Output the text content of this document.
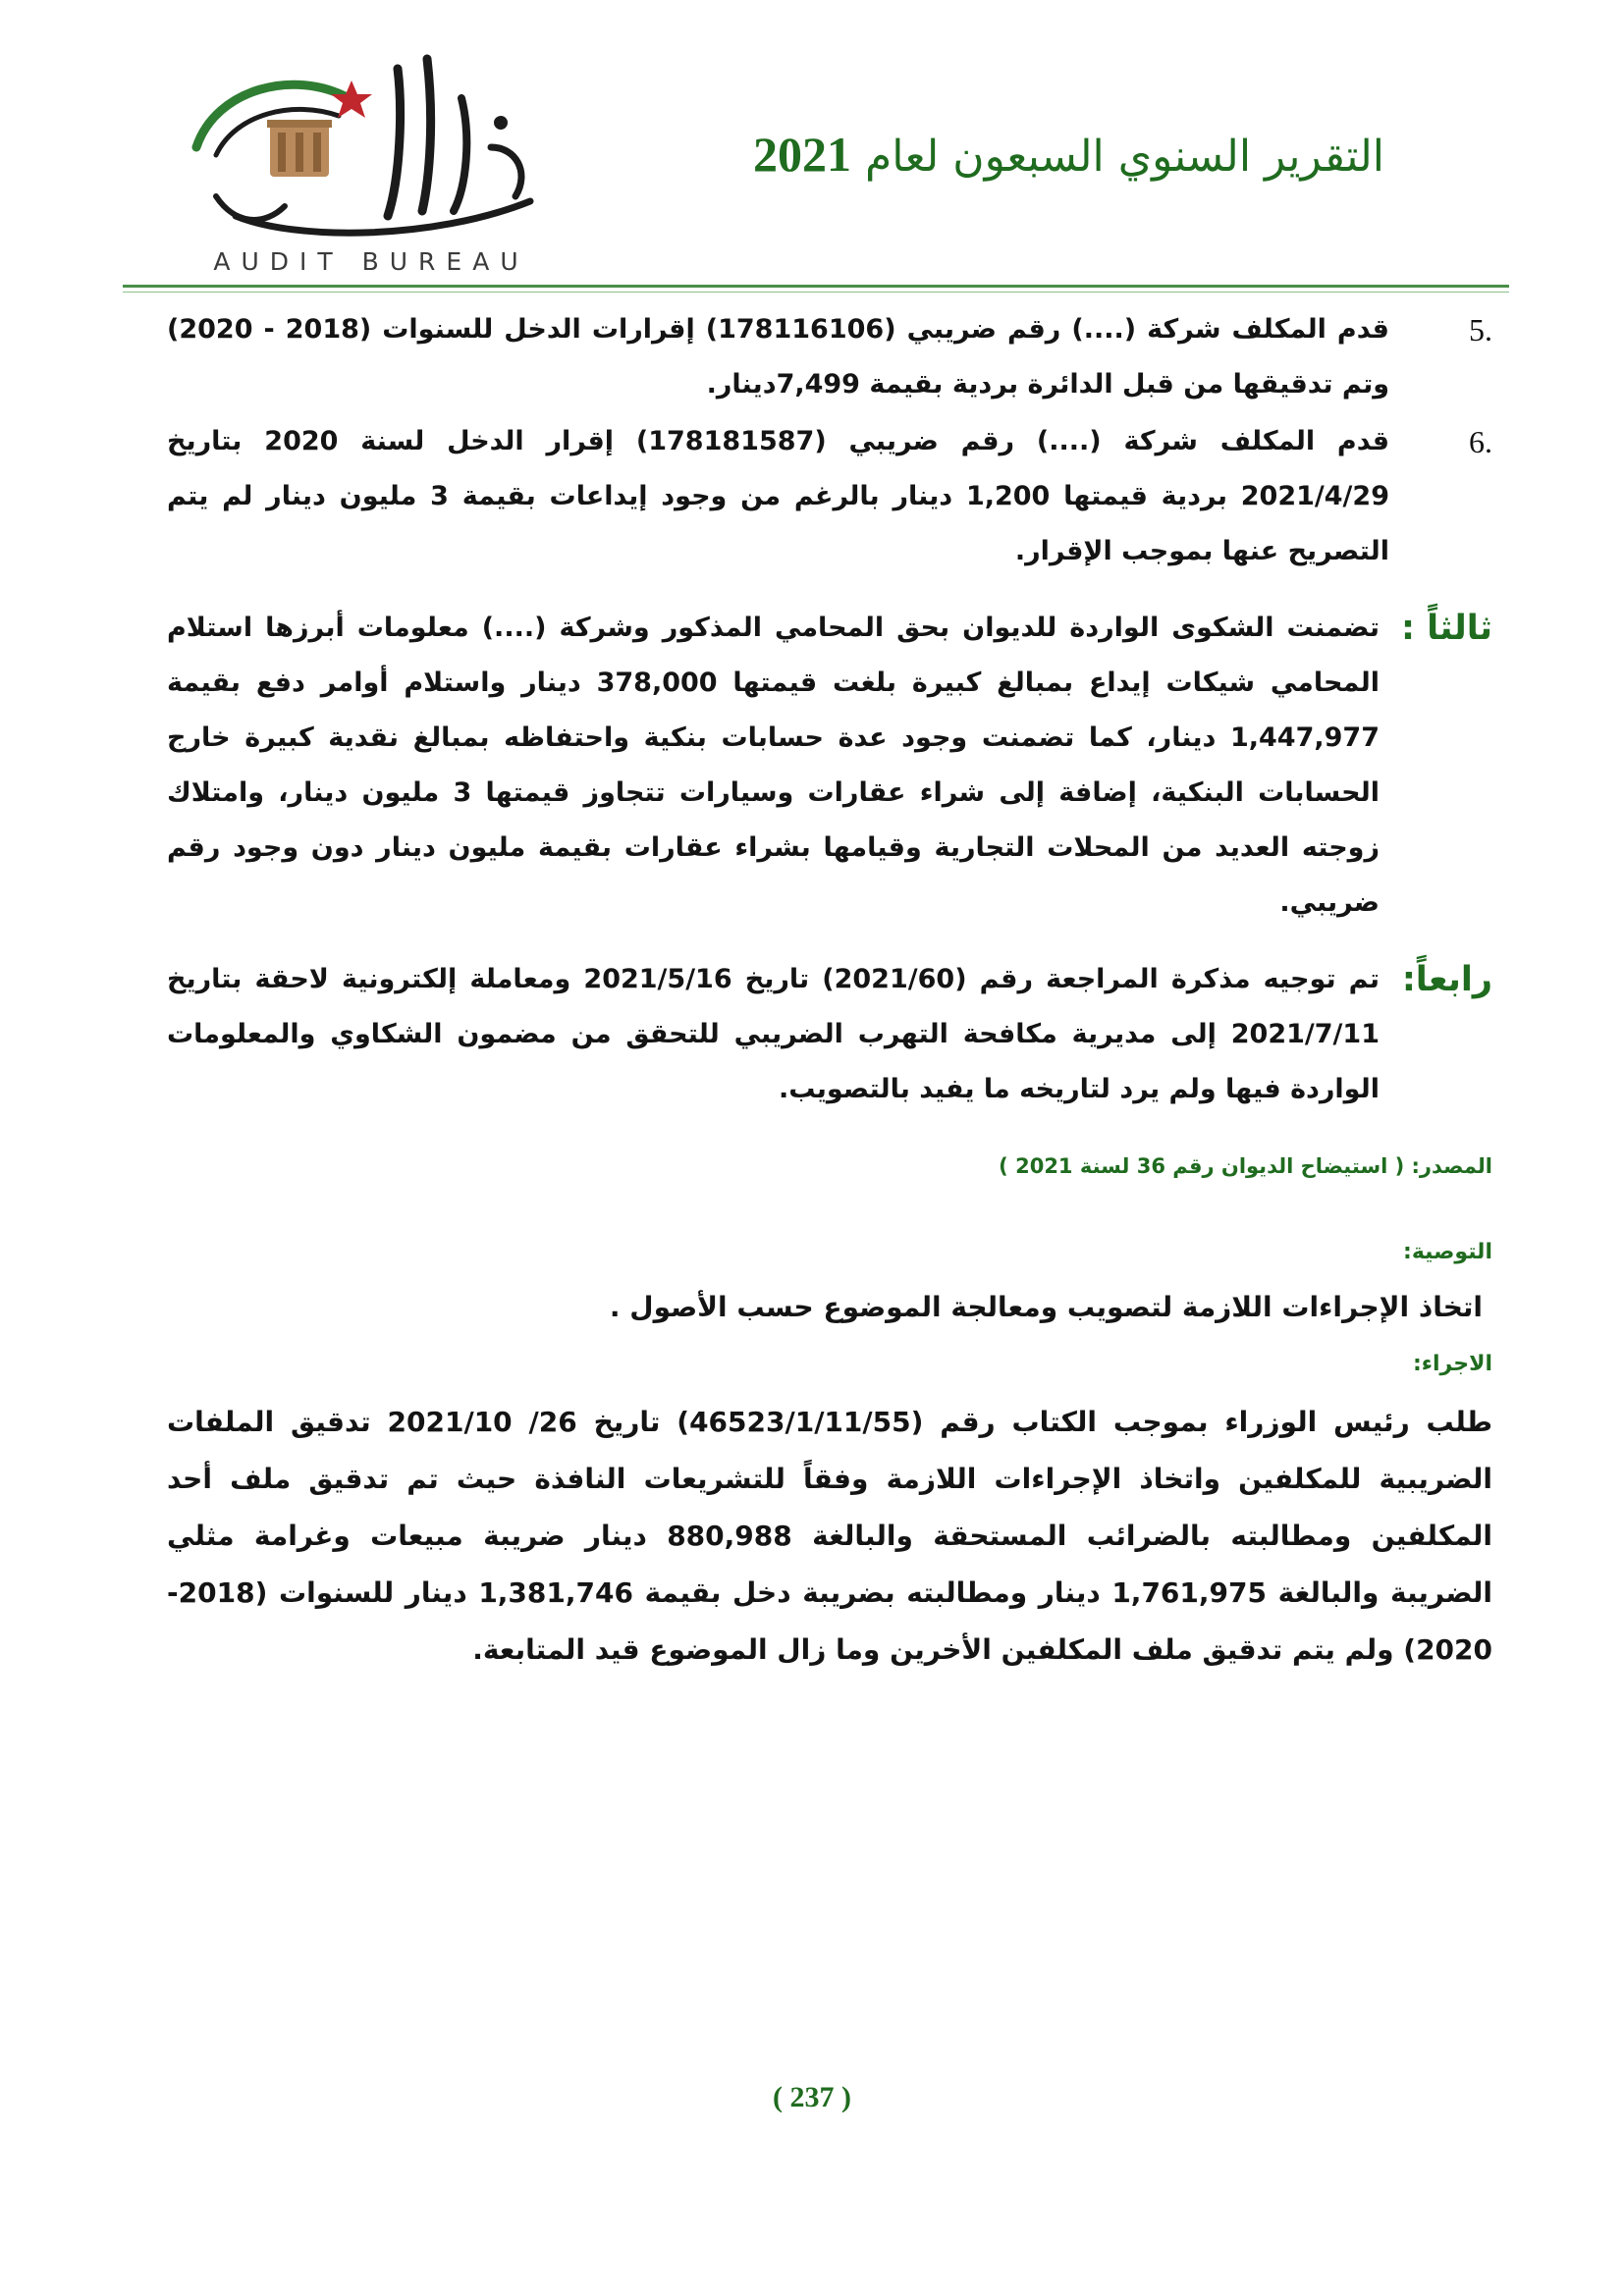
AUDIT BUREAU
التقرير السنوي السبعون لعام 2021
.5
قدم المكلف شركة (....) رقم ضريبي (178116106) إقرارات الدخل للسنوات (2018 - 2020) وتم تدقيقها من قبل الدائرة بردية بقيمة 7,499دينار.
.6
قدم المكلف شركة (....) رقم ضريبي (178181587) إقرار الدخل لسنة 2020 بتاريخ 2021/4/29 بردية قيمتها 1,200 دينار بالرغم من وجود إيداعات بقيمة 3 مليون دينار لم يتم التصريح عنها بموجب الإقرار.
ثالثاً :
تضمنت الشكوى الواردة للديوان بحق المحامي المذكور وشركة (....) معلومات أبرزها استلام المحامي شيكات إيداع بمبالغ كبيرة بلغت قيمتها 378,000 دينار واستلام أوامر دفع بقيمة 1,447,977 دينار، كما تضمنت وجود عدة حسابات بنكية واحتفاظه بمبالغ نقدية كبيرة خارج الحسابات البنكية، إضافة إلى شراء عقارات وسيارات تتجاوز قيمتها 3 مليون دينار، وامتلاك زوجته العديد من المحلات التجارية وقيامها بشراء عقارات بقيمة مليون دينار دون وجود رقم ضريبي.
رابعاً:
تم توجيه مذكرة المراجعة رقم (2021/60) تاريخ 2021/5/16 ومعاملة إلكترونية لاحقة بتاريخ 2021/7/11 إلى مديرية مكافحة التهرب الضريبي للتحقق من مضمون الشكاوي والمعلومات الواردة فيها ولم يرد لتاريخه ما يفيد بالتصويب.
المصدر: ( استيضاح الديوان رقم 36 لسنة 2021 )
التوصية:
اتخاذ الإجراءات اللازمة لتصويب ومعالجة الموضوع حسب الأصول .
الاجراء:
طلب رئيس الوزراء بموجب الكتاب رقم (46523/1/11/55) تاريخ 26/ 2021/10 تدقيق الملفات الضريبية للمكلفين واتخاذ الإجراءات اللازمة وفقاً للتشريعات النافذة حيث تم تدقيق ملف أحد المكلفين ومطالبته بالضرائب المستحقة والبالغة 880,988 دينار ضريبة مبيعات وغرامة مثلي الضريبة والبالغة 1,761,975 دينار ومطالبته بضريبة دخل بقيمة 1,381,746 دينار للسنوات (2018-2020) ولم يتم تدقيق ملف المكلفين الأخرين وما زال الموضوع قيد المتابعة.
( 237 )
